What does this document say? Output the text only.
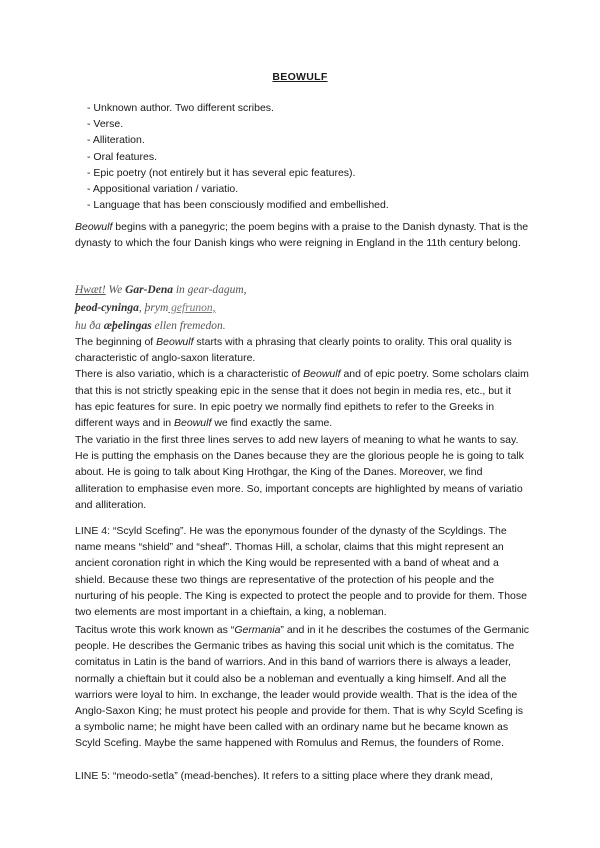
BEOWULF
- Unknown author. Two different scribes.
- Verse.
- Alliteration.
- Oral features.
- Epic poetry (not entirely but it has several epic features).
- Appositional variation / variatio.
- Language that has been consciously modified and embellished.

Beowulf begins with a panegyric; the poem begins with a praise to the Danish dynasty. That is the dynasty to which the four Danish kings who were reigning in England in the 11th century belong.

Hwæt! We Gar-Dena in gear-dagum,
þeod-cyninga, þrym gefrunon,
hu ða æþelingas ellen fremedon.

The beginning of Beowulf starts with a phrasing that clearly points to orality. This oral quality is characteristic of anglo-saxon literature.
There is also variatio, which is a characteristic of Beowulf and of epic poetry. Some scholars claim that this is not strictly speaking epic in the sense that it does not begin in media res, etc., but it has epic features for sure. In epic poetry we normally find epithets to refer to the Greeks in different ways and in Beowulf we find exactly the same.

The variatio in the first three lines serves to add new layers of meaning to what he wants to say. He is putting the emphasis on the Danes because they are the glorious people he is going to talk about. He is going to talk about King Hrothgar, the King of the Danes. Moreover, we find alliteration to emphasise even more. So, important concepts are highlighted by means of variatio and alliteration.

LINE 4: “Scyld Scefing”. He was the eponymous founder of the dynasty of the Scyldings. The name means “shield” and “sheaf”. Thomas Hill, a scholar, claims that this might represent an ancient coronation right in which the King would be represented with a band of wheat and a shield. Because these two things are representative of the protection of his people and the nurturing of his people. The King is expected to protect the people and to provide for them. Those two elements are most important in a chieftain, a king, a nobleman.

Tacitus wrote this work known as “Germania” and in it he describes the costumes of the Germanic people. He describes the Germanic tribes as having this social unit which is the comitatus. The comitatus in Latin is the band of warriors. And in this band of warriors there is always a leader, normally a chieftain but it could also be a nobleman and eventually a king himself. And all the warriors were loyal to him. In exchange, the leader would provide wealth. That is the idea of the Anglo-Saxon King; he must protect his people and provide for them. That is why Scyld Scefing is a symbolic name; he might have been called with an ordinary name but he became known as Scyld Scefing. Maybe the same happened with Romulus and Remus, the founders of Rome.

LINE 5: “meodo-setla” (mead-benches). It refers to a sitting place where they drank mead,
